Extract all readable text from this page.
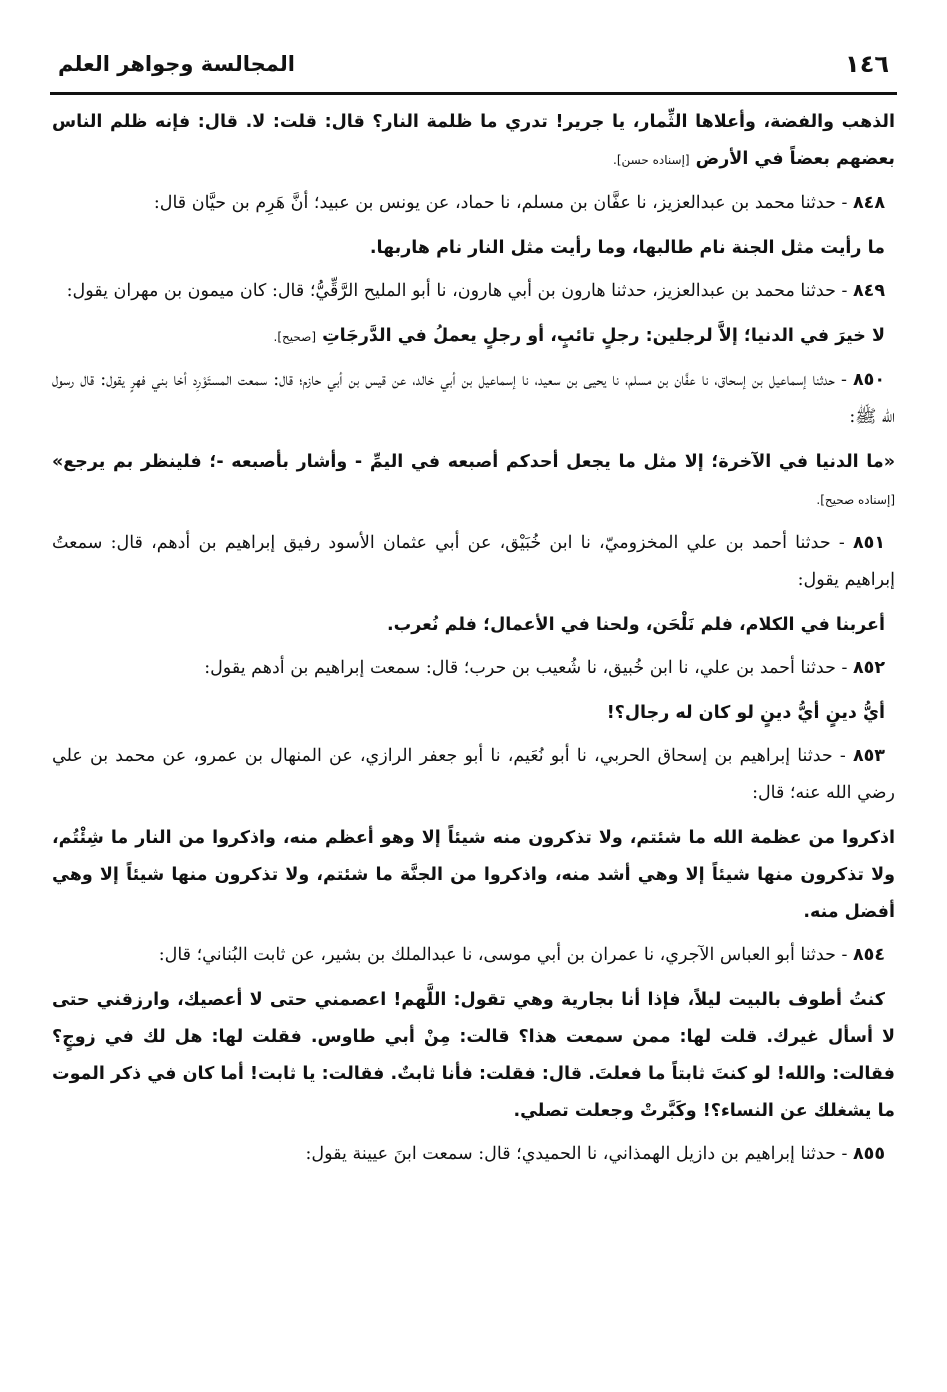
١٤٦
المجالسة وجواهر العلم

الذهب والفضة، وأعلاها الثِّمار، يا جرير! تدري ما ظلمة النار؟ قال: قلت: لا. قال: فإنه ظلم الناس بعضهم بعضاً في الأرض [إسناده حسن].

٨٤٨ - حدثنا محمد بن عبدالعزيز، نا عفَّان بن مسلم، نا حماد، عن يونس بن عبيد؛ أنَّ هَرِم بن حيَّان قال:

ما رأيت مثل الجنة نام طالبها، وما رأيت مثل النار نام هاربها.

٨٤٩ - حدثنا محمد بن عبدالعزيز، حدثنا هارون بن أبي هارون، نا أبو المليح الرَّقِّيُّ؛ قال: كان ميمون بن مهران يقول:

لا خيرَ في الدنيا؛ إلاَّ لرجلين: رجلٍ تائبٍ، أو رجلٍ يعملُ في الدَّرجَاتِ [صحيح].

٨٥٠ - حدثنا إسماعيل بن إسحاق، نا عفَّان بن مسلم، نا يحيى بن سعيد، نا إسماعيل بن أبي خالد، عن قيس بن أبي حازم؛ قال: سمعت المستَوْرِد أخا بني فهرٍ يقول: قال رسول الله ﷺ:

«ما الدنيا في الآخرة؛ إلا مثل ما يجعل أحدكم أصبعه في اليمِّ - وأشار بأصبعه -؛ فلينظر بم يرجع» [إسناده صحيح].

٨٥١ - حدثنا أحمد بن علي المخزوميّ، نا ابن خُبَيْق، عن أبي عثمان الأسود رفيق إبراهيم بن أدهم، قال: سمعتُ إبراهيم يقول:

أعربنا في الكلام، فلم نَلْحَن، ولحنا في الأعمال؛ فلم نُعرب.

٨٥٢ - حدثنا أحمد بن علي، نا ابن خُبيق، نا شُعيب بن حرب؛ قال: سمعت إبراهيم بن أدهم يقول:

أيُّ دينٍ أيُّ دينٍ لو كان له رجال؟!

٨٥٣ - حدثنا إبراهيم بن إسحاق الحربي، نا أبو نُعَيم، نا أبو جعفر الرازي، عن المنهال بن عمرو، عن محمد بن علي رضي الله عنه؛ قال:

اذكروا من عظمة الله ما شئتم، ولا تذكرون منه شيئاً إلا وهو أعظم منه، واذكروا من النار ما شِئْتُم، ولا تذكرون منها شيئاً إلا وهي أشد منه، واذكروا من الجنَّة ما شئتم، ولا تذكرون منها شيئاً إلا وهي أفضل منه.

٨٥٤ - حدثنا أبو العباس الآجري، نا عمران بن أبي موسى، نا عبدالملك بن بشير، عن ثابت البُناني؛ قال:

كنتُ أطوف بالبيت ليلاً، فإذا أنا بجارية وهي تقول: اللَّهم! اعصمني حتى لا أعصيك، وارزقني حتى لا أسأل غيرك. قلت لها: ممن سمعت هذا؟ قالت: مِنْ أبي طاوس. فقلت لها: هل لك في زوجٍ؟ فقالت: والله! لو كنتَ ثابتاً ما فعلتَ. قال: فقلت: فأنا ثابتٌ. فقالت: يا ثابت! أما كان في ذكر الموت ما يشغلك عن النساء؟! وكَبَّرتْ وجعلت تصلي.

٨٥٥ - حدثنا إبراهيم بن دازيل الهمذاني، نا الحميدي؛ قال: سمعت ابنَ عيينة يقول:
